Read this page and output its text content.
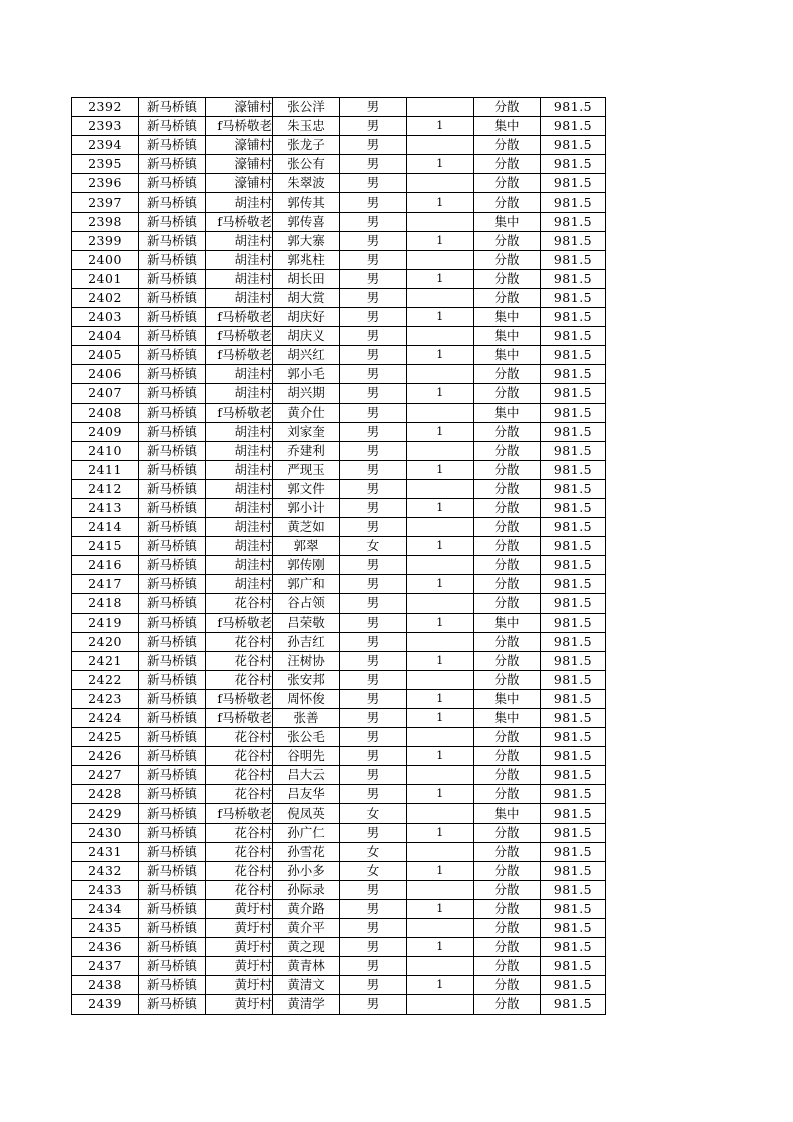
2392	新马桥镇	濠铺村	张公洋	男		分散	981.5
2393	新马桥镇	f马桥敬老	朱玉忠	男	1	集中	981.5
2394	新马桥镇	濠铺村	张龙子	男		分散	981.5
2395	新马桥镇	濠铺村	张公有	男	1	分散	981.5
2396	新马桥镇	濠铺村	朱翠波	男		分散	981.5
2397	新马桥镇	胡洼村	郭传其	男	1	分散	981.5
2398	新马桥镇	f马桥敬老	郭传喜	男		集中	981.5
2399	新马桥镇	胡洼村	郭大寨	男	1	分散	981.5
2400	新马桥镇	胡洼村	郭兆柱	男		分散	981.5
2401	新马桥镇	胡洼村	胡长田	男	1	分散	981.5
2402	新马桥镇	胡洼村	胡大赏	男		分散	981.5
2403	新马桥镇	f马桥敬老	胡庆好	男	1	集中	981.5
2404	新马桥镇	f马桥敬老	胡庆义	男		集中	981.5
2405	新马桥镇	f马桥敬老	胡兴红	男	1	集中	981.5
2406	新马桥镇	胡洼村	郭小毛	男		分散	981.5
2407	新马桥镇	胡洼村	胡兴期	男	1	分散	981.5
2408	新马桥镇	f马桥敬老	黄介仕	男		集中	981.5
2409	新马桥镇	胡洼村	刘家奎	男	1	分散	981.5
2410	新马桥镇	胡洼村	乔建利	男		分散	981.5
2411	新马桥镇	胡洼村	严现玉	男	1	分散	981.5
2412	新马桥镇	胡洼村	郭文件	男		分散	981.5
2413	新马桥镇	胡洼村	郭小计	男	1	分散	981.5
2414	新马桥镇	胡洼村	黄芝如	男		分散	981.5
2415	新马桥镇	胡洼村	郭翠	女	1	分散	981.5
2416	新马桥镇	胡洼村	郭传刚	男		分散	981.5
2417	新马桥镇	胡洼村	郭广和	男	1	分散	981.5
2418	新马桥镇	花谷村	谷占领	男		分散	981.5
2419	新马桥镇	f马桥敬老	吕荣敬	男	1	集中	981.5
2420	新马桥镇	花谷村	孙吉红	男		分散	981.5
2421	新马桥镇	花谷村	汪树协	男	1	分散	981.5
2422	新马桥镇	花谷村	张安邦	男		分散	981.5
2423	新马桥镇	f马桥敬老	周怀俊	男	1	集中	981.5
2424	新马桥镇	f马桥敬老	张善	男	1	集中	981.5
2425	新马桥镇	花谷村	张公毛	男		分散	981.5
2426	新马桥镇	花谷村	谷明先	男	1	分散	981.5
2427	新马桥镇	花谷村	吕大云	男		分散	981.5
2428	新马桥镇	花谷村	吕友华	男	1	分散	981.5
2429	新马桥镇	f马桥敬老	倪凤英	女		集中	981.5
2430	新马桥镇	花谷村	孙广仁	男	1	分散	981.5
2431	新马桥镇	花谷村	孙雪花	女		分散	981.5
2432	新马桥镇	花谷村	孙小多	女	1	分散	981.5
2433	新马桥镇	花谷村	孙际录	男		分散	981.5
2434	新马桥镇	黄圩村	黄介路	男	1	分散	981.5
2435	新马桥镇	黄圩村	黄介平	男		分散	981.5
2436	新马桥镇	黄圩村	黄之现	男	1	分散	981.5
2437	新马桥镇	黄圩村	黄青林	男		分散	981.5
2438	新马桥镇	黄圩村	黄清文	男	1	分散	981.5
2439	新马桥镇	黄圩村	黄清学	男		分散	981.5
